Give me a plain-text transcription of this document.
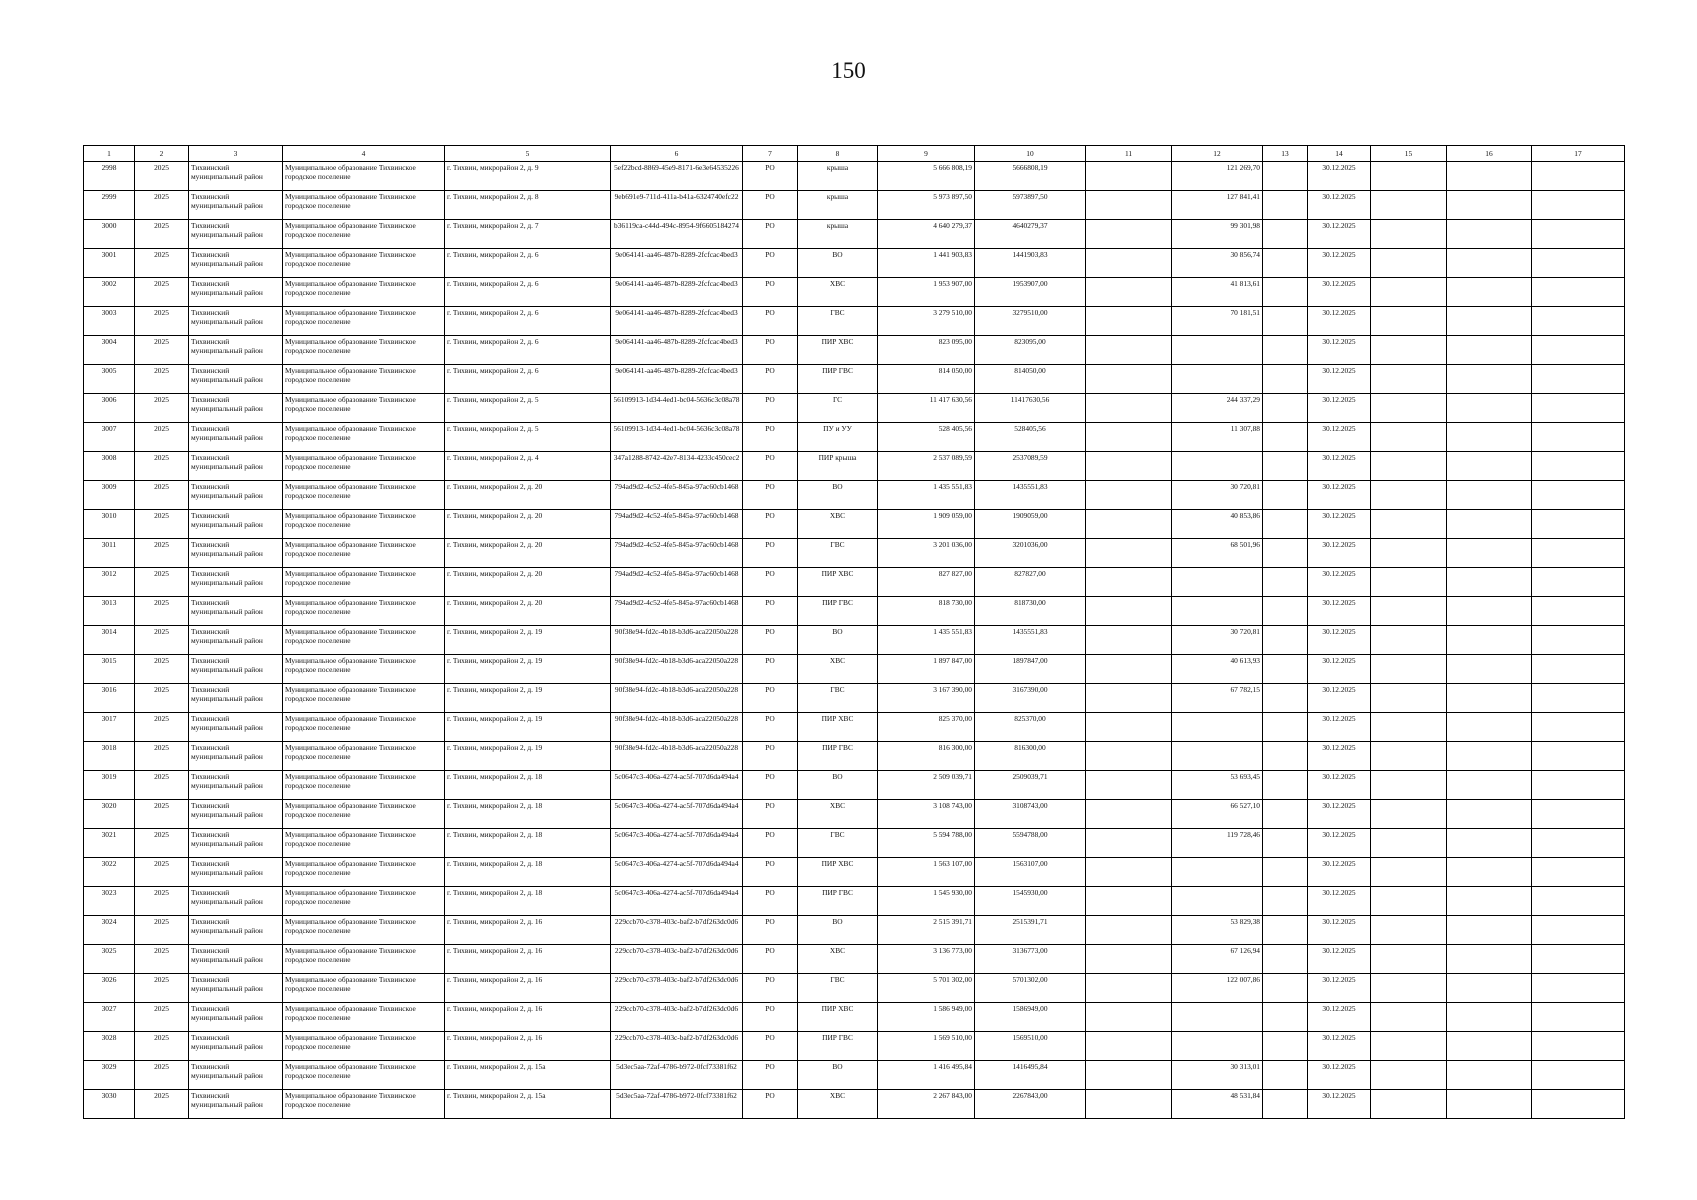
150
1	2	3	4	5	6	7	8	9	10	11	12	13	14	15	16	17
2998	2025	Тихвинский муниципальный район	Муниципальное образование Тихвинское городское поселение	г. Тихвин, микрорайон 2, д. 9	5ef22bcd-8869-45e9-8171-6e3e64535226	РО	крыша	5 666 808,19	5666808,19		121 269,70		30.12.2025			
2999	2025	Тихвинский муниципальный район	Муниципальное образование Тихвинское городское поселение	г. Тихвин, микрорайон 2, д. 8	9eb691e9-711d-411a-b41a-6324740efc22	РО	крыша	5 973 897,50	5973897,50		127 841,41		30.12.2025			
3000	2025	Тихвинский муниципальный район	Муниципальное образование Тихвинское городское поселение	г. Тихвин, микрорайон 2, д. 7	b36119ca-c44d-494c-8954-9f6605184274	РО	крыша	4 640 279,37	4640279,37		99 301,98		30.12.2025			
3001	2025	Тихвинский муниципальный район	Муниципальное образование Тихвинское городское поселение	г. Тихвин, микрорайон 2, д. 6	9e064141-aa46-487b-8289-2fcfcac4bed3	РО	ВО	1 441 903,83	1441903,83		30 856,74		30.12.2025			
3002	2025	Тихвинский муниципальный район	Муниципальное образование Тихвинское городское поселение	г. Тихвин, микрорайон 2, д. 6	9e064141-aa46-487b-8289-2fcfcac4bed3	РО	ХВС	1 953 907,00	1953907,00		41 813,61		30.12.2025			
3003	2025	Тихвинский муниципальный район	Муниципальное образование Тихвинское городское поселение	г. Тихвин, микрорайон 2, д. 6	9e064141-aa46-487b-8289-2fcfcac4bed3	РО	ГВС	3 279 510,00	3279510,00		70 181,51		30.12.2025			
3004	2025	Тихвинский муниципальный район	Муниципальное образование Тихвинское городское поселение	г. Тихвин, микрорайон 2, д. 6	9e064141-aa46-487b-8289-2fcfcac4bed3	РО	ПИР ХВС	823 095,00	823095,00				30.12.2025			
3005	2025	Тихвинский муниципальный район	Муниципальное образование Тихвинское городское поселение	г. Тихвин, микрорайон 2, д. 6	9e064141-aa46-487b-8289-2fcfcac4bed3	РО	ПИР ГВС	814 050,00	814050,00				30.12.2025			
3006	2025	Тихвинский муниципальный район	Муниципальное образование Тихвинское городское поселение	г. Тихвин, микрорайон 2, д. 5	56109913-1d34-4ed1-bc04-5636c3c08a78	РО	ГС	11 417 630,56	11417630,56		244 337,29		30.12.2025			
3007	2025	Тихвинский муниципальный район	Муниципальное образование Тихвинское городское поселение	г. Тихвин, микрорайон 2, д. 5	56109913-1d34-4ed1-bc04-5636c3c08a78	РО	ПУ и УУ	528 405,56	528405,56		11 307,88		30.12.2025			
3008	2025	Тихвинский муниципальный район	Муниципальное образование Тихвинское городское поселение	г. Тихвин, микрорайон 2, д. 4	347a1288-8742-42e7-8134-4233c450cec2	РО	ПИР крыша	2 537 089,59	2537089,59				30.12.2025			
3009	2025	Тихвинский муниципальный район	Муниципальное образование Тихвинское городское поселение	г. Тихвин, микрорайон 2, д. 20	794ad9d2-4c52-4fe5-845a-97ac60cb1468	РО	ВО	1 435 551,83	1435551,83		30 720,81		30.12.2025			
3010	2025	Тихвинский муниципальный район	Муниципальное образование Тихвинское городское поселение	г. Тихвин, микрорайон 2, д. 20	794ad9d2-4c52-4fe5-845a-97ac60cb1468	РО	ХВС	1 909 059,00	1909059,00		40 853,86		30.12.2025			
3011	2025	Тихвинский муниципальный район	Муниципальное образование Тихвинское городское поселение	г. Тихвин, микрорайон 2, д. 20	794ad9d2-4c52-4fe5-845a-97ac60cb1468	РО	ГВС	3 201 036,00	3201036,00		68 501,96		30.12.2025			
3012	2025	Тихвинский муниципальный район	Муниципальное образование Тихвинское городское поселение	г. Тихвин, микрорайон 2, д. 20	794ad9d2-4c52-4fe5-845a-97ac60cb1468	РО	ПИР ХВС	827 827,00	827827,00				30.12.2025			
3013	2025	Тихвинский муниципальный район	Муниципальное образование Тихвинское городское поселение	г. Тихвин, микрорайон 2, д. 20	794ad9d2-4c52-4fe5-845a-97ac60cb1468	РО	ПИР ГВС	818 730,00	818730,00				30.12.2025			
3014	2025	Тихвинский муниципальный район	Муниципальное образование Тихвинское городское поселение	г. Тихвин, микрорайон 2, д. 19	90f38e94-fd2c-4b18-b3d6-aca22050a228	РО	ВО	1 435 551,83	1435551,83		30 720,81		30.12.2025			
3015	2025	Тихвинский муниципальный район	Муниципальное образование Тихвинское городское поселение	г. Тихвин, микрорайон 2, д. 19	90f38e94-fd2c-4b18-b3d6-aca22050a228	РО	ХВС	1 897 847,00	1897847,00		40 613,93		30.12.2025			
3016	2025	Тихвинский муниципальный район	Муниципальное образование Тихвинское городское поселение	г. Тихвин, микрорайон 2, д. 19	90f38e94-fd2c-4b18-b3d6-aca22050a228	РО	ГВС	3 167 390,00	3167390,00		67 782,15		30.12.2025			
3017	2025	Тихвинский муниципальный район	Муниципальное образование Тихвинское городское поселение	г. Тихвин, микрорайон 2, д. 19	90f38e94-fd2c-4b18-b3d6-aca22050a228	РО	ПИР ХВС	825 370,00	825370,00				30.12.2025			
3018	2025	Тихвинский муниципальный район	Муниципальное образование Тихвинское городское поселение	г. Тихвин, микрорайон 2, д. 19	90f38e94-fd2c-4b18-b3d6-aca22050a228	РО	ПИР ГВС	816 300,00	816300,00				30.12.2025			
3019	2025	Тихвинский муниципальный район	Муниципальное образование Тихвинское городское поселение	г. Тихвин, микрорайон 2, д. 18	5c0647c3-406a-4274-ac5f-707d6da494a4	РО	ВО	2 509 039,71	2509039,71		53 693,45		30.12.2025			
3020	2025	Тихвинский муниципальный район	Муниципальное образование Тихвинское городское поселение	г. Тихвин, микрорайон 2, д. 18	5c0647c3-406a-4274-ac5f-707d6da494a4	РО	ХВС	3 108 743,00	3108743,00		66 527,10		30.12.2025			
3021	2025	Тихвинский муниципальный район	Муниципальное образование Тихвинское городское поселение	г. Тихвин, микрорайон 2, д. 18	5c0647c3-406a-4274-ac5f-707d6da494a4	РО	ГВС	5 594 788,00	5594788,00		119 728,46		30.12.2025			
3022	2025	Тихвинский муниципальный район	Муниципальное образование Тихвинское городское поселение	г. Тихвин, микрорайон 2, д. 18	5c0647c3-406a-4274-ac5f-707d6da494a4	РО	ПИР ХВС	1 563 107,00	1563107,00				30.12.2025			
3023	2025	Тихвинский муниципальный район	Муниципальное образование Тихвинское городское поселение	г. Тихвин, микрорайон 2, д. 18	5c0647c3-406a-4274-ac5f-707d6da494a4	РО	ПИР ГВС	1 545 930,00	1545930,00				30.12.2025			
3024	2025	Тихвинский муниципальный район	Муниципальное образование Тихвинское городское поселение	г. Тихвин, микрорайон 2, д. 16	229ccb70-c378-403c-baf2-b7df263dc0d6	РО	ВО	2 515 391,71	2515391,71		53 829,38		30.12.2025			
3025	2025	Тихвинский муниципальный район	Муниципальное образование Тихвинское городское поселение	г. Тихвин, микрорайон 2, д. 16	229ccb70-c378-403c-baf2-b7df263dc0d6	РО	ХВС	3 136 773,00	3136773,00		67 126,94		30.12.2025			
3026	2025	Тихвинский муниципальный район	Муниципальное образование Тихвинское городское поселение	г. Тихвин, микрорайон 2, д. 16	229ccb70-c378-403c-baf2-b7df263dc0d6	РО	ГВС	5 701 302,00	5701302,00		122 007,86		30.12.2025			
3027	2025	Тихвинский муниципальный район	Муниципальное образование Тихвинское городское поселение	г. Тихвин, микрорайон 2, д. 16	229ccb70-c378-403c-baf2-b7df263dc0d6	РО	ПИР ХВС	1 586 949,00	1586949,00				30.12.2025			
3028	2025	Тихвинский муниципальный район	Муниципальное образование Тихвинское городское поселение	г. Тихвин, микрорайон 2, д. 16	229ccb70-c378-403c-baf2-b7df263dc0d6	РО	ПИР ГВС	1 569 510,00	1569510,00				30.12.2025			
3029	2025	Тихвинский муниципальный район	Муниципальное образование Тихвинское городское поселение	г. Тихвин, микрорайон 2, д. 15а	5d3ec5aa-72af-4786-b972-0fcf73381f62	РО	ВО	1 416 495,84	1416495,84		30 313,01		30.12.2025			
3030	2025	Тихвинский муниципальный район	Муниципальное образование Тихвинское городское поселение	г. Тихвин, микрорайон 2, д. 15а	5d3ec5aa-72af-4786-b972-0fcf73381f62	РО	ХВС	2 267 843,00	2267843,00		48 531,84		30.12.2025			
